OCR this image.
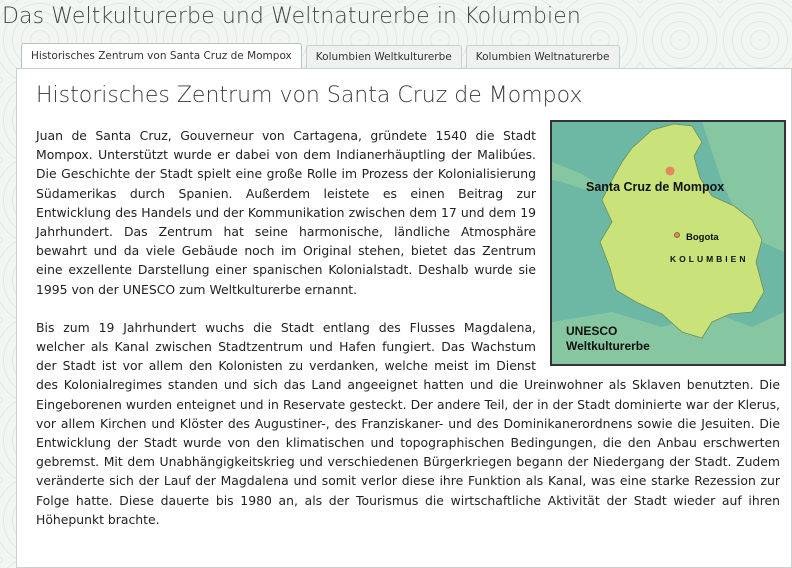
Das Weltkulturerbe und Weltnaturerbe in Kolumbien
Historisches Zentrum von Santa Cruz de Mompox	Kolumbien Weltkulturerbe	Kolumbien Weltnaturerbe
Historisches Zentrum von Santa Cruz de Mompox
Santa Cruz de Mompox
Bogota
KOLUMBIEN
UNESCO
Weltkulturerbe

Juan de Santa Cruz, Gouverneur von Cartagena, gründete 1540 die Stadt Mompox. Unterstützt wurde er dabei von dem Indianerhäuptling der Malibúes. Die Geschichte der Stadt spielt eine große Rolle im Prozess der Kolonialisierung Südamerikas durch Spanien. Außerdem leistete es einen Beitrag zur Entwicklung des Handels und der Kommunikation zwischen dem 17 und dem 19 Jahrhundert. Das Zentrum hat seine harmonische, ländliche Atmosphäre bewahrt und da viele Gebäude noch im Original stehen, bietet das Zentrum eine exzellente Darstellung einer spanischen Kolonialstadt. Deshalb wurde sie 1995 von der UNESCO zum Weltkulturerbe ernannt.

Bis zum 19 Jahrhundert wuchs die Stadt entlang des Flusses Magdalena, welcher als Kanal zwischen Stadtzentrum und Hafen fungiert. Das Wachstum der Stadt ist vor allem den Kolonisten zu verdanken, welche meist im Dienst des Kolonialregimes standen und sich das Land angeeignet hatten und die Ureinwohner als Sklaven benutzten. Die Eingeborenen wurden enteignet und in Reservate gesteckt. Der andere Teil, der in der Stadt dominierte war der Klerus, vor allem Kirchen und Klöster des Augustiner-, des Franziskaner- und des Dominikanerordnens sowie die Jesuiten. Die Entwicklung der Stadt wurde von den klimatischen und topographischen Bedingungen, die den Anbau erschwerten gebremst. Mit dem Unabhängigkeitskrieg und verschiedenen Bürgerkriegen begann der Niedergang der Stadt. Zudem veränderte sich der Lauf der Magdalena und somit verlor diese ihre Funktion als Kanal, was eine starke Rezession zur Folge hatte. Diese dauerte bis 1980 an, als der Tourismus die wirtschaftliche Aktivität der Stadt wieder auf ihren Höhepunkt brachte.
